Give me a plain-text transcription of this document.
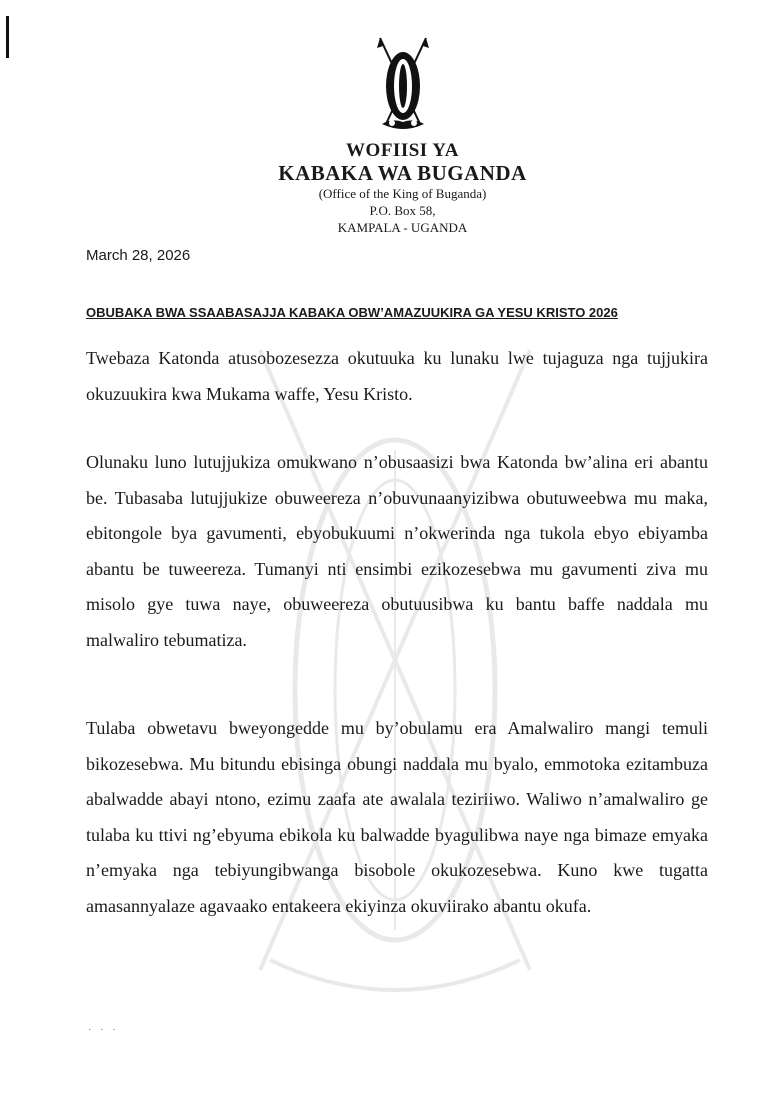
WOFIISI YA
KABAKA WA BUGANDA
(Office of the King of Buganda)
P.O. Box 58,
KAMPALA - UGANDA
March 28, 2026
OBUBAKA BWA SSAABASAJJA KABAKA OBW’AMAZUUKIRA GA YESU KRISTO 2026

Twebaza Katonda atusobozesezza okutuuka ku lunaku lwe tujaguza nga tujjukira okuzuukira kwa Mukama waffe, Yesu Kristo.

Olunaku luno lutujjukiza omukwano n’obusaasizi bwa Katonda bw’alina eri abantu be. Tubasaba lutujjukize obuweereza n’obuvunaanyizibwa obutuweebwa mu maka, ebitongole bya gavumenti, ebyobukuumi n’okwerinda nga tukola ebyo ebiyamba abantu be tuweereza. Tumanyi nti ensimbi ezikozesebwa mu gavumenti ziva mu misolo gye tuwa naye, obuweereza obutuusibwa ku bantu baffe naddala mu malwaliro tebumatiza.

Tulaba obwetavu bweyongedde mu by’obulamu era Amalwaliro mangi temuli bikozesebwa. Mu bitundu ebisinga obungi naddala mu byalo, emmotoka ezitambuza abalwadde abayi ntono, ezimu zaafa ate awalala teziriiwo. Waliwo n’amalwaliro ge tulaba ku ttivi ng’ebyuma ebikola ku balwadde byagulibwa naye nga bimaze emyaka n’emyaka nga tebiyungibwanga bisobole okukozesebwa. Kuno kwe tugatta amasannyalaze agavaako entakeera ekiyinza okuviirako abantu okufa.

· · ·
